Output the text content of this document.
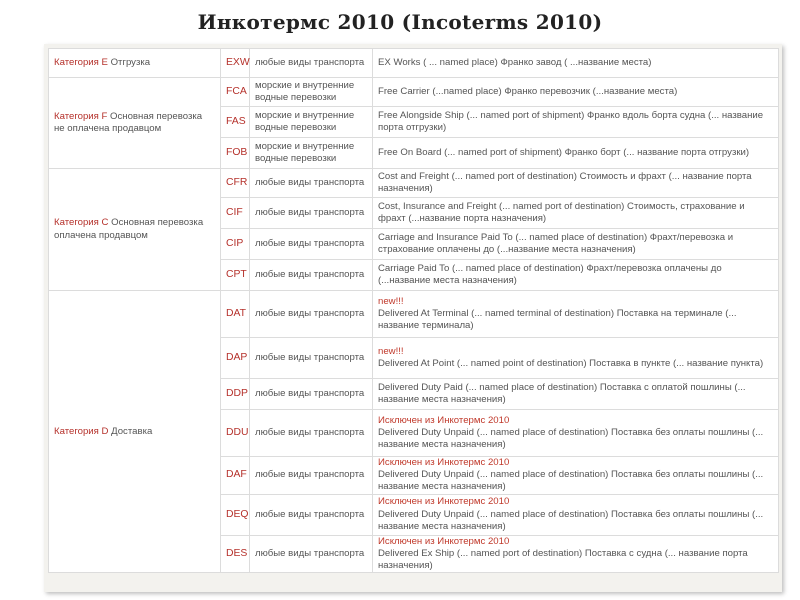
Инкотермс 2010 (Incoterms 2010)
Категория E Отгрузка	EXW	любые виды транспорта	EX Works ( ... named place) Франко завод ( ...название места)
Категория F Основная перевозка не оплачена продавцом	FCA	морские и внутренние водные перевозки	Free Carrier (...named place) Франко перевозчик (...название места)
	FAS	морские и внутренние водные перевозки	Free Alongside Ship (... named port of shipment) Франко вдоль борта судна (... название порта отгрузки)
	FOB	морские и внутренние водные перевозки	Free On Board (... named port of shipment) Франко борт (... название порта отгрузки)
Категория C Основная перевозка оплачена продавцом	CFR	любые виды транспорта	Cost and Freight (... named port of destination) Стоимость и фрахт (... название порта назначения)
	CIF	любые виды транспорта	Cost, Insurance and Freight (... named port of destination) Стоимость, страхование и фрахт (...название порта назначения)
	CIP	любые виды транспорта	Carriage and Insurance Paid To (... named place of destination) Фрахт/перевозка и страхование оплачены до (...название места назначения)
	CPT	любые виды транспорта	Carriage Paid To (... named place of destination) Фрахт/перевозка оплачены до (...название места назначения)
Категория D Доставка	DAT	любые виды транспорта	new!!!
Delivered At Terminal (... named terminal of destination) Поставка на терминале (... название терминала)
	DAP	любые виды транспорта	new!!!
Delivered At Point (... named point of destination) Поставка в пункте (... название пункта)
	DDP	любые виды транспорта	Delivered Duty Paid (... named place of destination) Поставка с оплатой пошлины (... название места назначения)
	DDU	любые виды транспорта	Исключен из Инкотермс 2010
Delivered Duty Unpaid (... named place of destination) Поставка без оплаты пошлины (... название места назначения)
	DAF	любые виды транспорта	Исключен из Инкотермс 2010
Delivered Duty Unpaid (... named place of destination) Поставка без оплаты пошлины (... название места назначения)
	DEQ	любые виды транспорта	Исключен из Инкотермс 2010
Delivered Duty Unpaid (... named place of destination) Поставка без оплаты пошлины (... название места назначения)
	DES	любые виды транспорта	Исключен из Инкотермс 2010
Delivered Ex Ship (... named port of destination) Поставка с судна (... название порта назначения)
